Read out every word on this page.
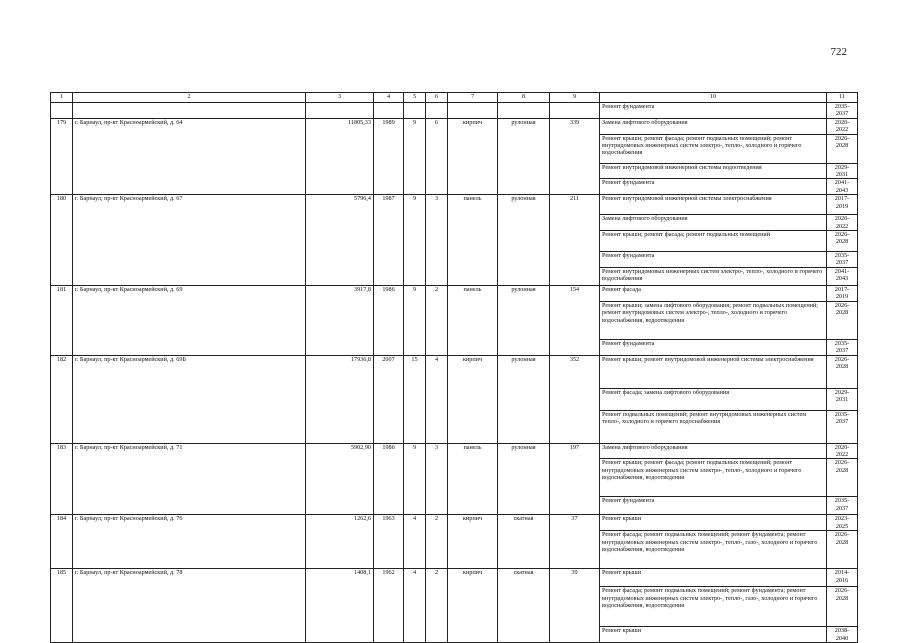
722
1	2	3	4	5	6	7	8	9	10	11
									Ремонт фундамента	2035-2037
179	г. Барнаул, пр-кт Красноармейский, д. 64	11805,33	1989	9	6	кирпич	рулонная	339	Замена лифтового оборудования	2020-2022
									Ремонт крыши; ремонт фасада; ремонт подвальных помещений; ремонт внутридомовых инженерных систем электро-, тепло-, холодного и горячего водоснабжения	2026-2028
									Ремонт внутридомовой инженерной системы водоотведения	2029-2031
									Ремонт фундамента	2041-2043
180	г. Барнаул, пр-кт Красноармейский, д. 67	5796,4	1987	9	3	панель	рулонная	211	Ремонт внутридомовой инженерной системы электроснабжения	2017-2019
									Замена лифтового оборудования	2020-2022
									Ремонт крыши; ремонт фасада; ремонт подвальных помещений	2026-2028
									Ремонт фундамента	2035-2037
									Ремонт внутридомовых инженерных систем электро-, тепло-, холодного и горячего водоснабжения	2041-2043
181	г. Барнаул, пр-кт Красноармейский, д. 69	3917,8	1986	9	2	панель	рулонная	154	Ремонт фасада	2017-2019
									Ремонт крыши; замена лифтового оборудования; ремонт подвальных помещений; ремонт внутридомовых систем электро-, тепло-, холодного и горячего водоснабжения, водоотведения	2026-2028
									Ремонт фундамента	2035-2037
182	г. Барнаул, пр-кт Красноармейский, д. 69Б	17936,8	2007	15	4	кирпич	рулонная	352	Ремонт крыши; ремонт внутридомовой инженерной системы электроснабжения	2026-2028
									Ремонт фасада; замена лифтового оборудования	2029-2031
									Ремонт подвальных помещений; ремонт внутридомовых инженерных систем тепло-, холодного и горячего водоснабжения	2035-2037
183	г. Барнаул, пр-кт Красноармейский, д. 71	5902,90	1986	9	3	панель	рулонная	197	Замена лифтового оборудования	2020-2022
									Ремонт крыши; ремонт фасада; ремонт подвальных помещений; ремонт внутридомовых инженерных систем электро-, тепло-, холодного и горячего водоснабжения, водоотведения	2026-2028
									Ремонт фундамента	2035-2037
184	г. Барнаул, пр-кт Красноармейский, д. 76	1262,6	1963	4	2	кирпич	скатная	37	Ремонт крыши	2023-2025
									Ремонт фасада; ремонт подвальных помещений; ремонт фундамента; ремонт внутридомовых инженерных систем электро-, тепло-, газо-, холодного и горячего водоснабжения, водоотведения	2026-2028
185	г. Барнаул, пр-кт Красноармейский, д. 78	1408,1	1962	4	2	кирпич	скатная	39	Ремонт крыши	2014-2016
									Ремонт фасада; ремонт подвальных помещений; ремонт фундамента; ремонт внутридомовых инженерных систем электро-, тепло-, газо-, холодного и горячего водоснабжения, водоотведения	2026-2028
									Ремонт крыши	2038-2040
